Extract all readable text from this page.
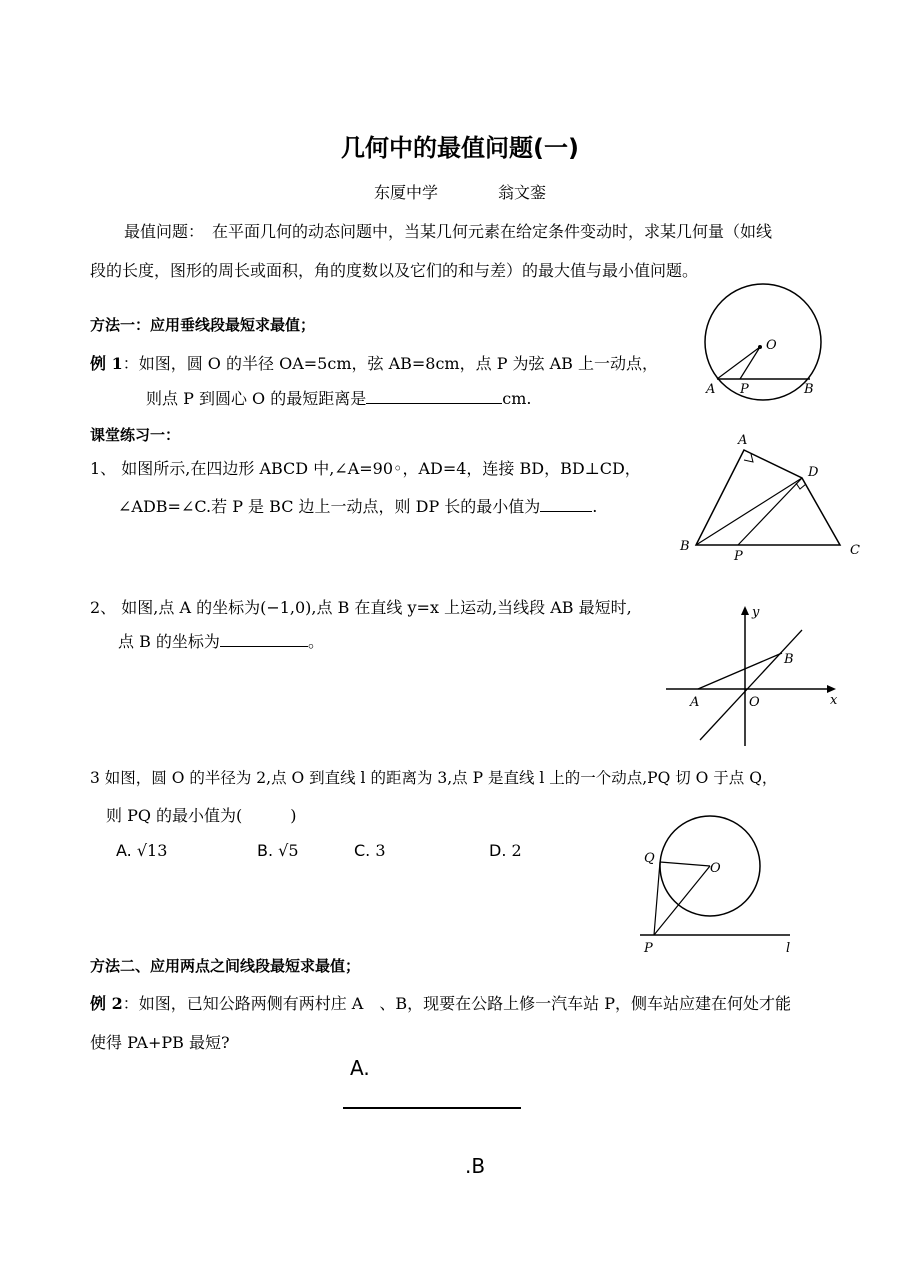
几何中的最值问题(一)
东厦中学	翁文銮
最值问题：　在平面几何的动态问题中，当某几何元素在给定条件变动时，求某几何量（如线
段的长度，图形的周长或面积，角的度数以及它们的和与差）的最大值与最小值问题。
方法一：应用垂线段最短求最值；
例 1：如图，圆 O 的半径 OA=5cm，弦 AB=8cm，点 P 为弦 AB 上一动点，
则点 P 到圆心 O 的最短距离是	cm.
课堂练习一：
1、 如图所示,在四边形 ABCD 中,∠A=90◦，AD=4，连接 BD，BD⊥CD，
∠ADB=∠C.若 P 是 BC 边上一动点，则 DP 长的最小值为	.
2、 如图,点 A 的坐标为(−1,0),点 B 在直线 y=x 上运动,当线段 AB 最短时,
点 B 的坐标为	。
3 如图，圆 O 的半径为 2,点 O 到直线 l 的距离为 3,点 P 是直线 l 上的一个动点,PQ 切 O 于点 Q，
则 PQ 的最小值为(　　　)
A. √13	B. √5	C. 3	D. 2
方法二、应用两点之间线段最短求最值；
例 2：如图，已知公路两侧有两村庄 A　、B，现要在公路上修一汽车站 P，侧车站应建在何处才能
使得 PA+PB 最短?
A.
.B
O
A P	B
A
D
B
P	C
y
x
A	O
B
Q
O
P	l
